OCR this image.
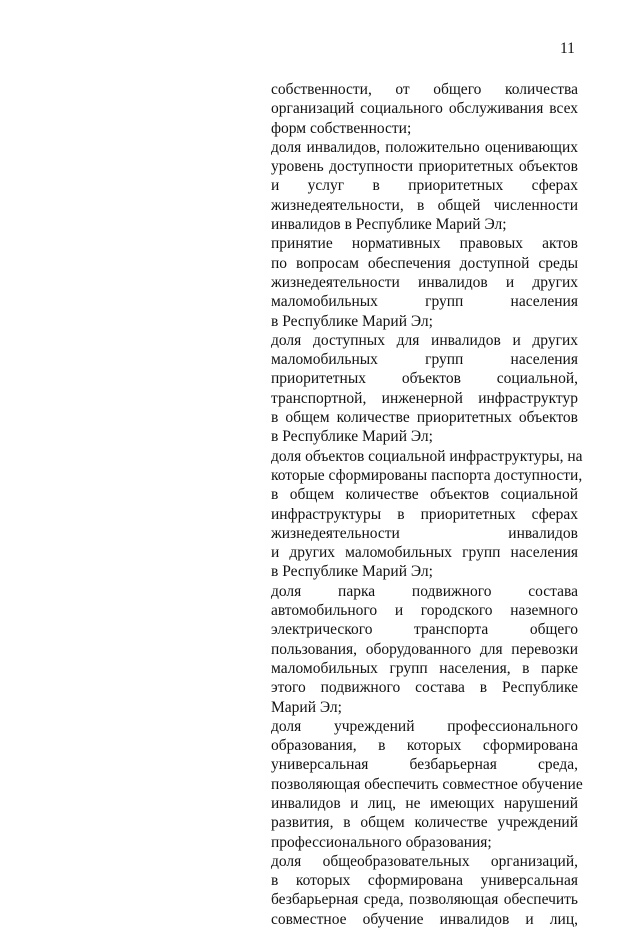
11
собственности, от общего количества
организаций социального обслуживания всех
форм собственности;
доля инвалидов, положительно оценивающих
уровень доступности приоритетных объектов
и услуг в приоритетных сферах
жизнедеятельности, в общей численности
инвалидов в Республике Марий Эл;
принятие нормативных правовых актов
по вопросам обеспечения доступной среды
жизнедеятельности инвалидов и других
маломобильных групп населения
в Республике Марий Эл;
доля доступных для инвалидов и других
маломобильных групп населения
приоритетных объектов социальной,
транспортной, инженерной инфраструктур
в общем количестве приоритетных объектов
в Республике Марий Эл;
доля объектов социальной инфраструктуры, на
которые сформированы паспорта доступности,
в общем количестве объектов социальной
инфраструктуры в приоритетных сферах
жизнедеятельности инвалидов
и других маломобильных групп населения
в Республике Марий Эл;
доля парка подвижного состава
автомобильного и городского наземного
электрического транспорта общего
пользования, оборудованного для перевозки
маломобильных групп населения, в парке
этого подвижного состава в Республике
Марий Эл;
доля учреждений профессионального
образования, в которых сформирована
универсальная безбарьерная среда,
позволяющая обеспечить совместное обучение
инвалидов и лиц, не имеющих нарушений
развития, в общем количестве учреждений
профессионального образования;
доля общеобразовательных организаций,
в которых сформирована универсальная
безбарьерная среда, позволяющая обеспечить
совместное обучение инвалидов и лиц,
